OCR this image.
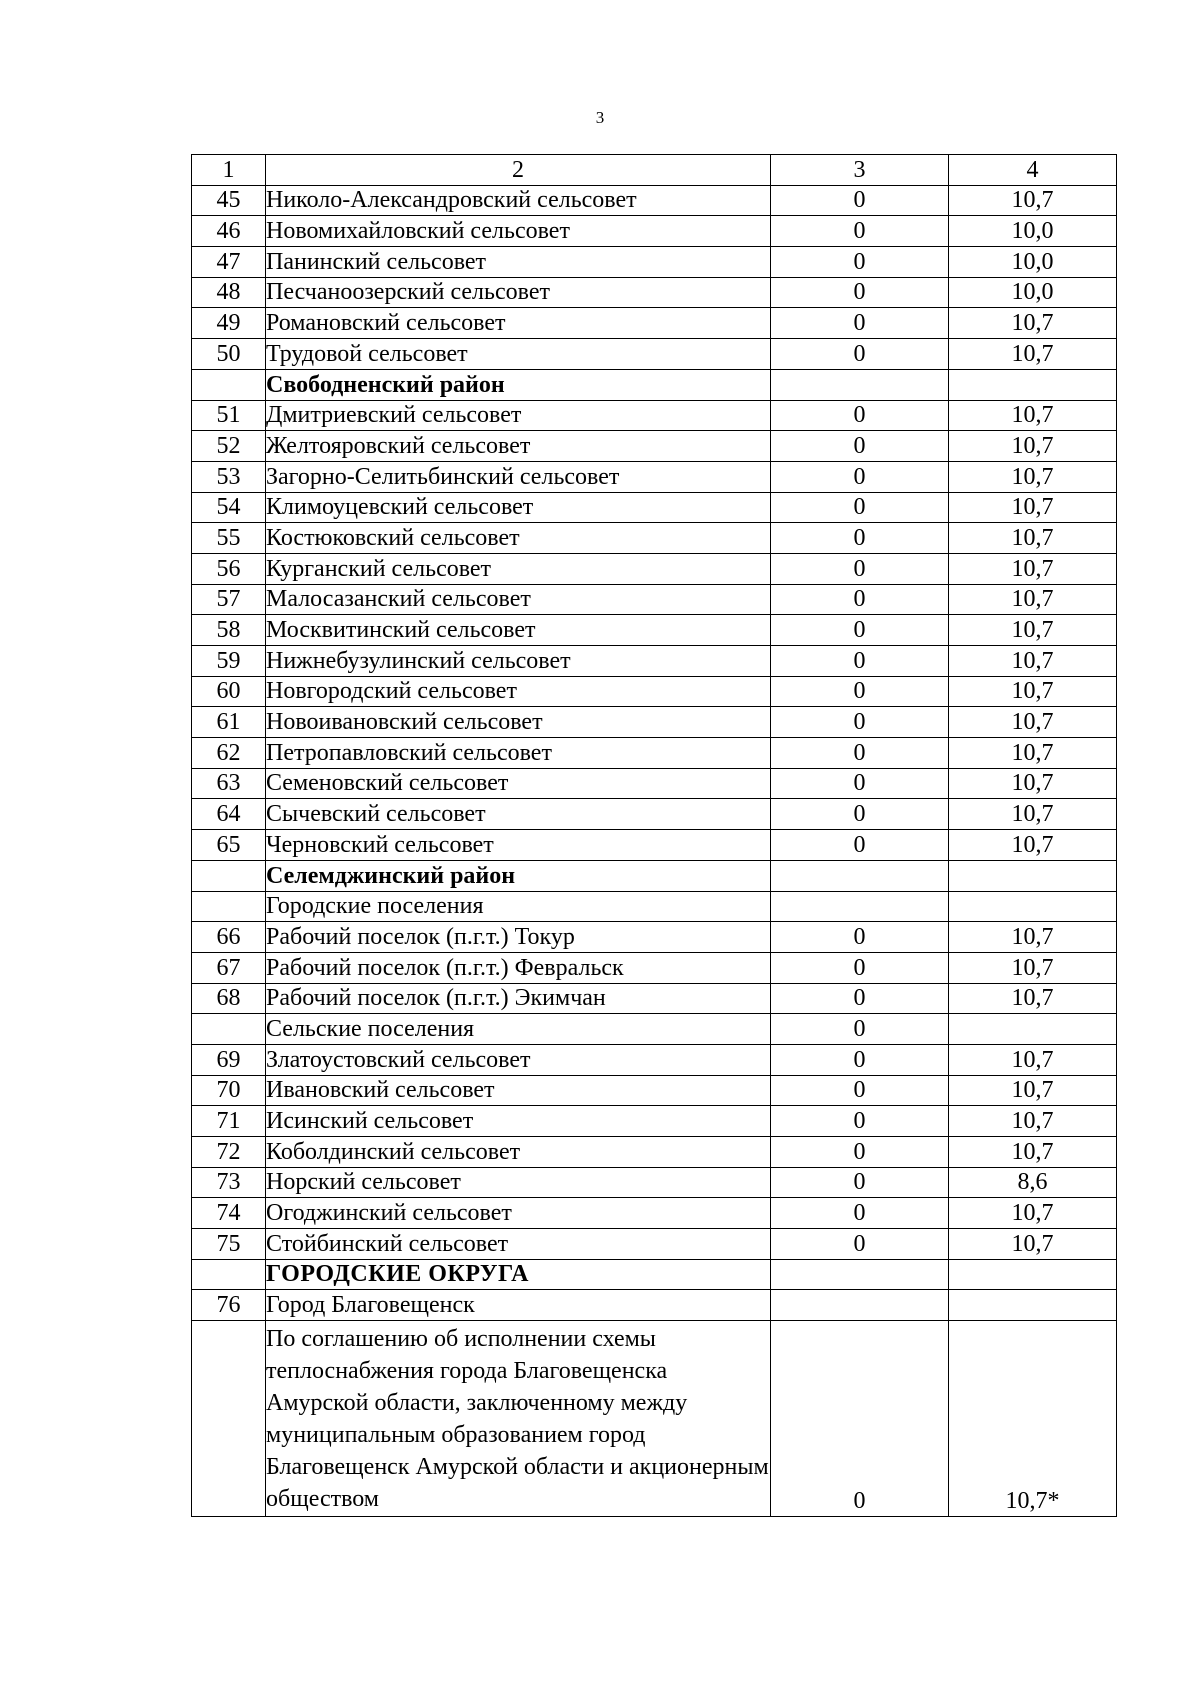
3
1	2	3	4
45	Николо-Александровский сельсовет	0	10,7
46	Новомихайловский сельсовет	0	10,0
47	Панинский сельсовет	0	10,0
48	Песчаноозерский сельсовет	0	10,0
49	Романовский сельсовет	0	10,7
50	Трудовой сельсовет	0	10,7
	Свободненский район		
51	Дмитриевский сельсовет	0	10,7
52	Желтояровский сельсовет	0	10,7
53	Загорно-Селитьбинский сельсовет	0	10,7
54	Климоуцевский сельсовет	0	10,7
55	Костюковский сельсовет	0	10,7
56	Курганский сельсовет	0	10,7
57	Малосазанский сельсовет	0	10,7
58	Москвитинский сельсовет	0	10,7
59	Нижнебузулинский сельсовет	0	10,7
60	Новгородский сельсовет	0	10,7
61	Новоивановский сельсовет	0	10,7
62	Петропавловский сельсовет	0	10,7
63	Семеновский сельсовет	0	10,7
64	Сычевский сельсовет	0	10,7
65	Черновский сельсовет	0	10,7
	Селемджинский район		
	Городские поселения		
66	Рабочий поселок (п.г.т.) Токур	0	10,7
67	Рабочий поселок (п.г.т.) Февральск	0	10,7
68	Рабочий поселок (п.г.т.) Экимчан	0	10,7
	Сельские поселения	0	
69	Златоустовский сельсовет	0	10,7
70	Ивановский сельсовет	0	10,7
71	Исинский сельсовет	0	10,7
72	Коболдинский сельсовет	0	10,7
73	Норский сельсовет	0	8,6
74	Огоджинский сельсовет	0	10,7
75	Стойбинский сельсовет	0	10,7
	ГОРОДСКИЕ ОКРУГА		
76	Город Благовещенск		
	По соглашению об исполнении схемы теплоснабжения города Благовещенска Амурской области, заключенному между муниципальным образованием город Благовещенск Амурской области и акционерным обществом	0	10,7*
